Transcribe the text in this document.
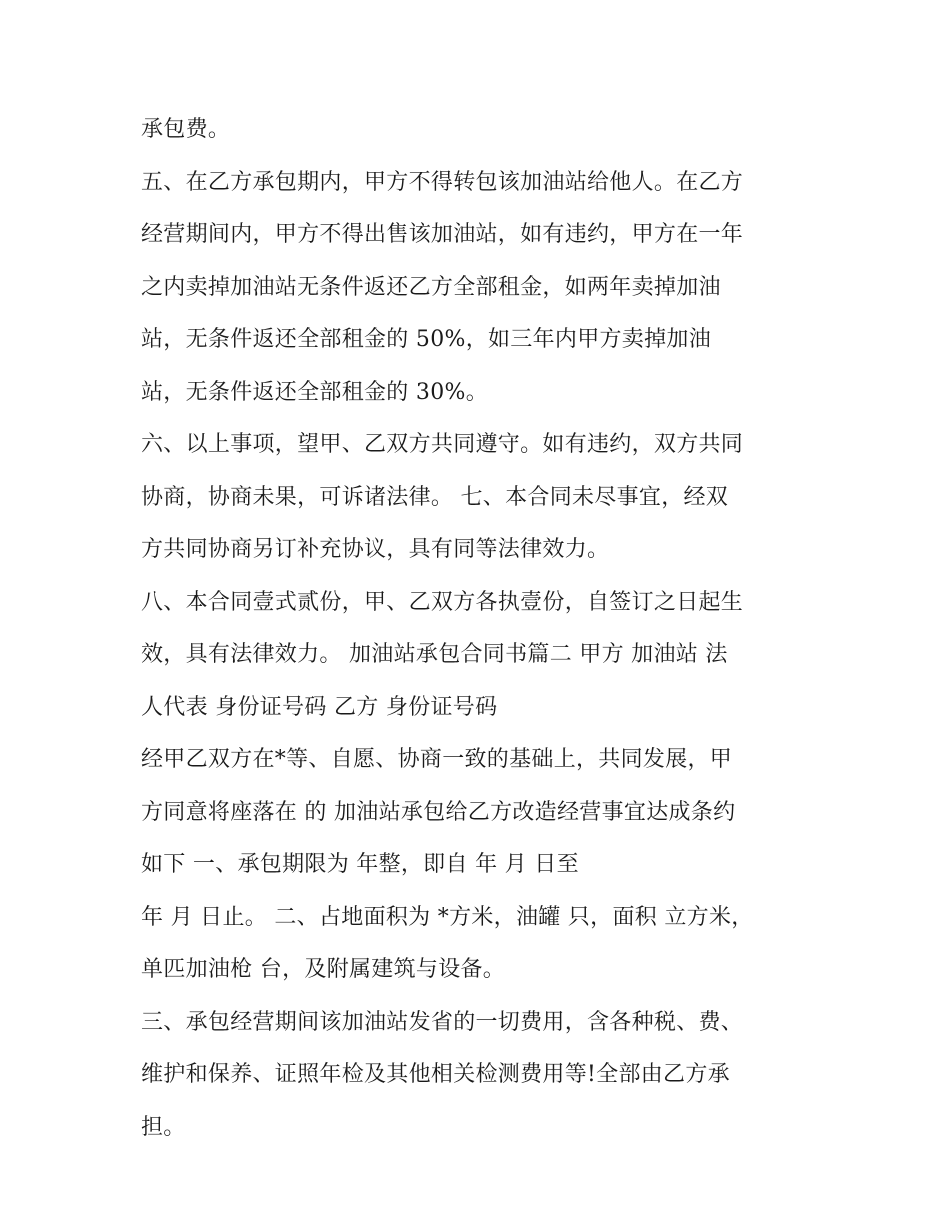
承包费。
五、在乙方承包期内，甲方不得转包该加油站给他人。在乙方
经营期间内，甲方不得出售该加油站，如有违约，甲方在一年
之内卖掉加油站无条件返还乙方全部租金，如两年卖掉加油
站，无条件返还全部租金的 50%，如三年内甲方卖掉加油
站，无条件返还全部租金的 30%。
六、以上事项，望甲、乙双方共同遵守。如有违约，双方共同
协商，协商未果，可诉诸法律。 七、本合同未尽事宜，经双
方共同协商另订补充协议，具有同等法律效力。
八、本合同壹式贰份，甲、乙双方各执壹份，自签订之日起生
效，具有法律效力。 加油站承包合同书篇二 甲方 加油站 法
人代表 身份证号码 乙方 身份证号码
经甲乙双方在*等、自愿、协商一致的基础上，共同发展，甲
方同意将座落在 的 加油站承包给乙方改造经营事宜达成条约
如下 一、承包期限为 年整，即自 年 月 日至
年 月 日止。 二、占地面积为 *方米，油罐 只，面积 立方米，
单匹加油枪 台，及附属建筑与设备。
三、承包经营期间该加油站发省的一切费用，含各种税、费、
维护和保养、证照年检及其他相关检测费用等!全部由乙方承
担。
